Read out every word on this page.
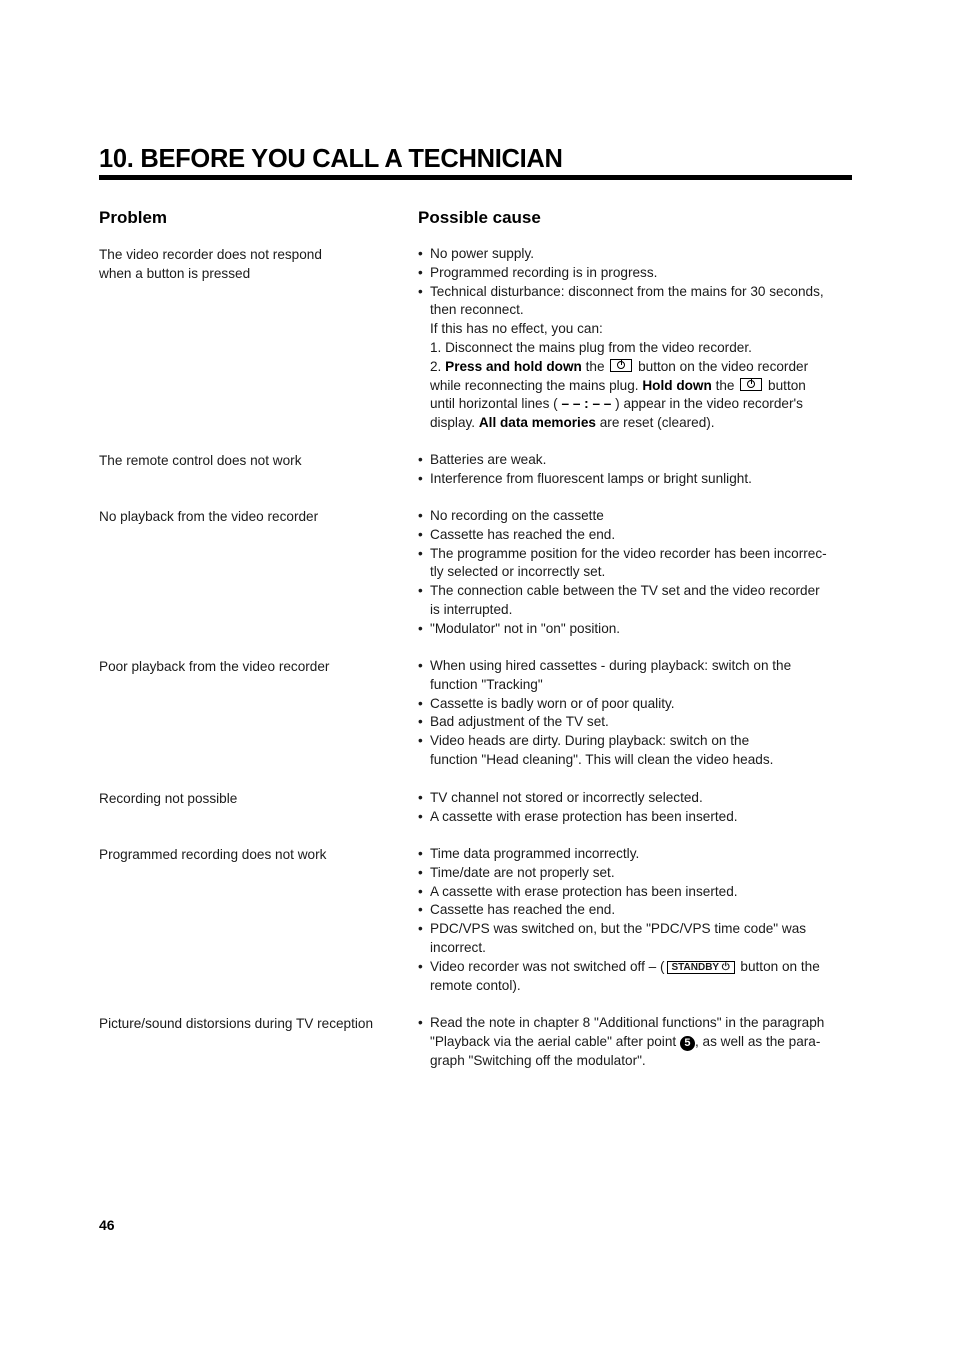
10. BEFORE YOU CALL A TECHNICIAN
Problem	Possible cause
The video recorder does not respond
when a button is pressed
• No power supply.
• Programmed recording is in progress.
• Technical disturbance: disconnect from the mains for 30 seconds,
then reconnect.
If this has no effect, you can:
1. Disconnect the mains plug from the video recorder.
2. Press and hold down the  button on the video recorder
while reconnecting the mains plug. Hold down the  button
until horizontal lines ( – – : – – ) appear in the video recorder's
display. All data memories are reset (cleared).
The remote control does not work	• Batteries are weak.
• Interference from fluorescent lamps or bright sunlight.
No playback from the video recorder	• No recording on the cassette
• Cassette has reached the end.
• The programme position for the video recorder has been incorrec-
tly selected or incorrectly set.
• The connection cable between the TV set and the video recorder
is interrupted.
• "Modulator" not in "on" position.
Poor playback from the video recorder	• When using hired cassettes - during playback: switch on the
function "Tracking"
• Cassette is badly worn or of poor quality.
• Bad adjustment of the TV set.
• Video heads are dirty. During playback: switch on the
function "Head cleaning". This will clean the video heads.
Recording not possible	• TV channel not stored or incorrectly selected.
• A cassette with erase protection has been inserted.
Programmed recording does not work	• Time data programmed incorrectly.
• Time/date are not properly set.
• A cassette with erase protection has been inserted.
• Cassette has reached the end.
• PDC/VPS was switched on, but the "PDC/VPS time code" was
incorrect.
• Video recorder was not switched off – ( STANDBY ⏻ button on the
remote contol).
Picture/sound distorsions during TV reception	• Read the note in chapter 8 "Additional functions" in the paragraph
"Playback via the aerial cable" after point 5 , as well as the para-
graph "Switching off the modulator".
46
